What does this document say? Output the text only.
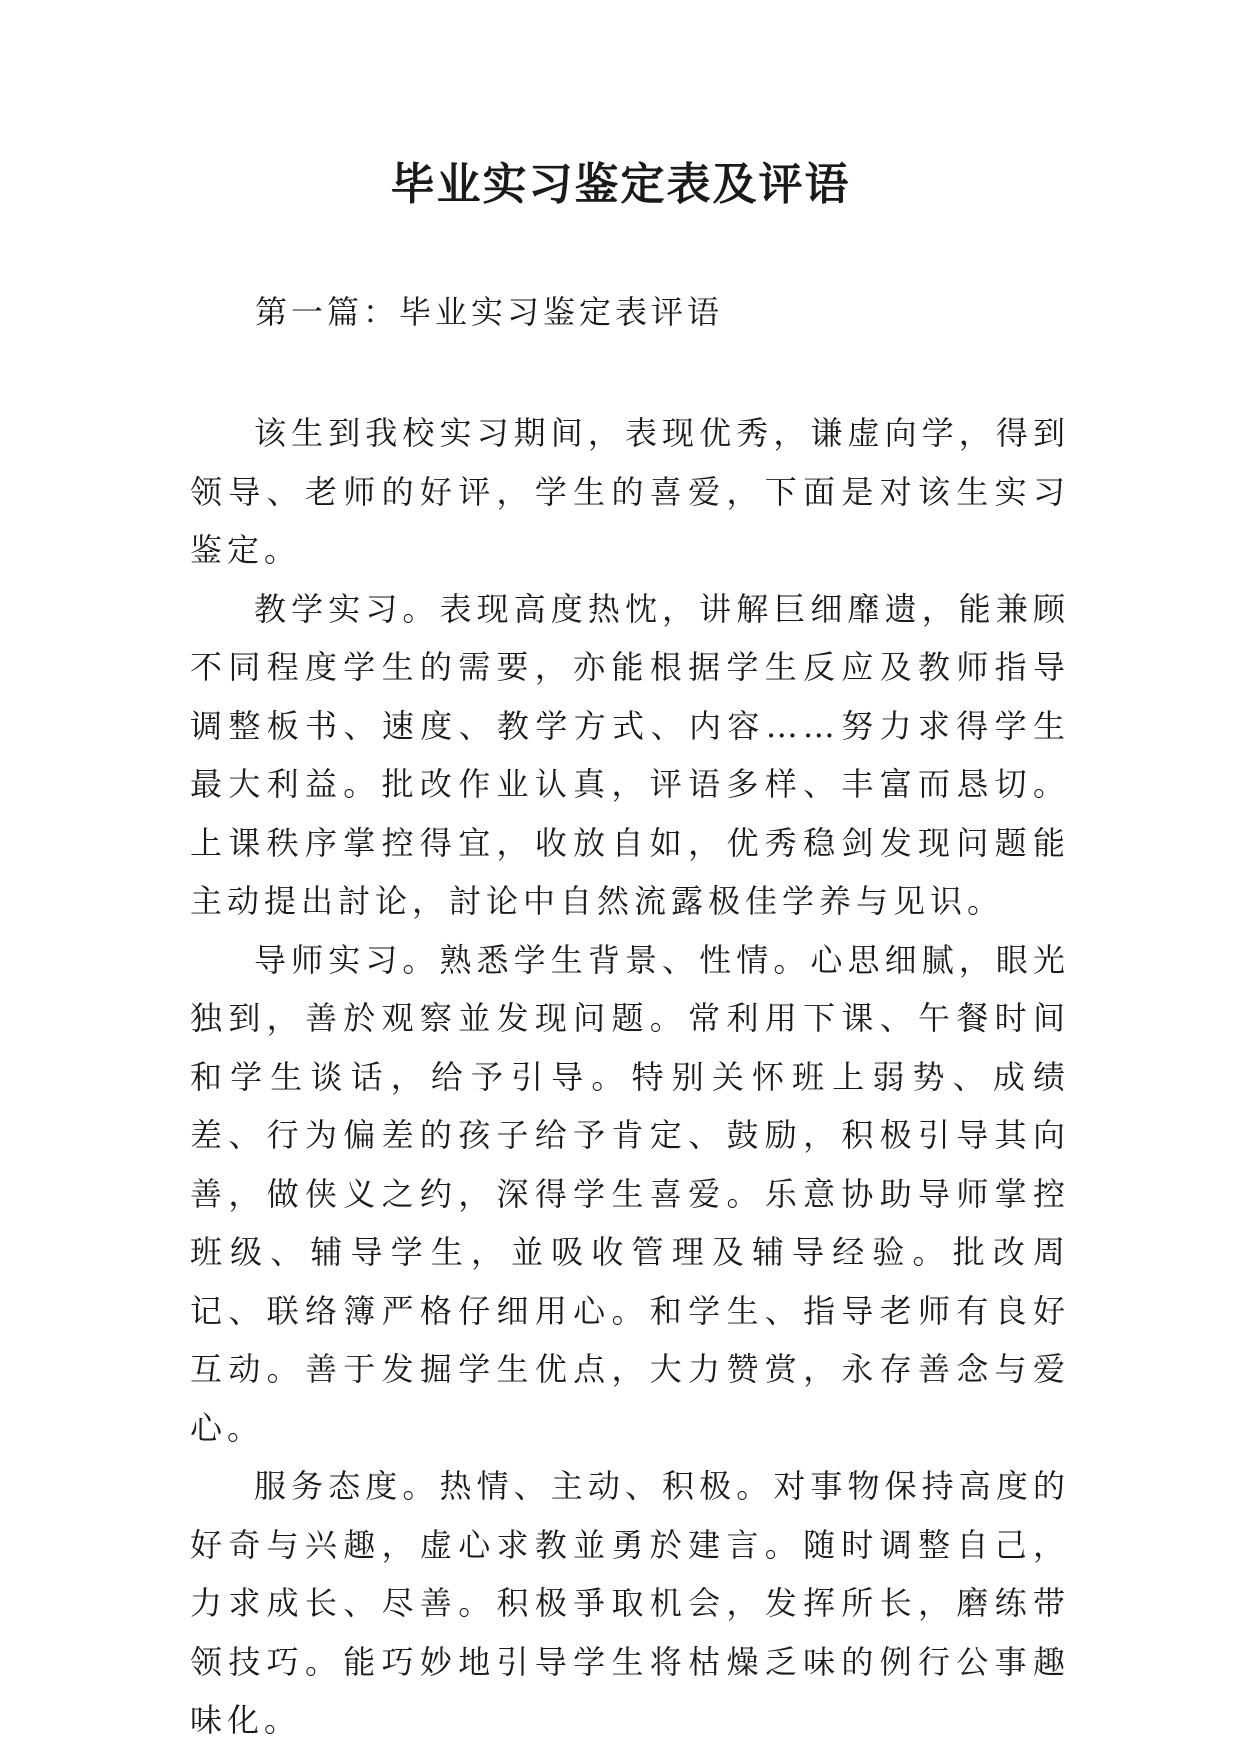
毕业实习鉴定表及评语

第一篇：毕业实习鉴定表评语

该生到我校实习期间，表现优秀，谦虚向学，得到领导、老师的好评，学生的喜爱，下面是对该生实习鉴定。

教学实习。表现高度热忱，讲解巨细靡遗，能兼顾不同程度学生的需要，亦能根据学生反应及教师指导调整板书、速度、教学方式、内容……努力求得学生最大利益。批改作业认真，评语多样、丰富而恳切。上课秩序掌控得宜，收放自如，优秀稳剑发现问题能主动提出討论，討论中自然流露极佳学养与见识。

导师实习。熟悉学生背景、性情。心思细腻，眼光独到，善於观察並发现问题。常利用下课、午餐时间和学生谈话，给予引导。特别关怀班上弱势、成绩差、行为偏差的孩子给予肯定、鼓励，积极引导其向善，做侠义之约，深得学生喜爱。乐意协助导师掌控班级、辅导学生，並吸收管理及辅导经验。批改周记、联络簿严格仔细用心。和学生、指导老师有良好互动。善于发掘学生优点，大力赞赏，永存善念与爱心。

服务态度。热情、主动、积极。对事物保持高度的好奇与兴趣，虚心求教並勇於建言。随时调整自己，力求成长、尽善。积极爭取机会，发挥所长，磨练带领技巧。能巧妙地引导学生将枯燥乏味的例行公事趣味化。
